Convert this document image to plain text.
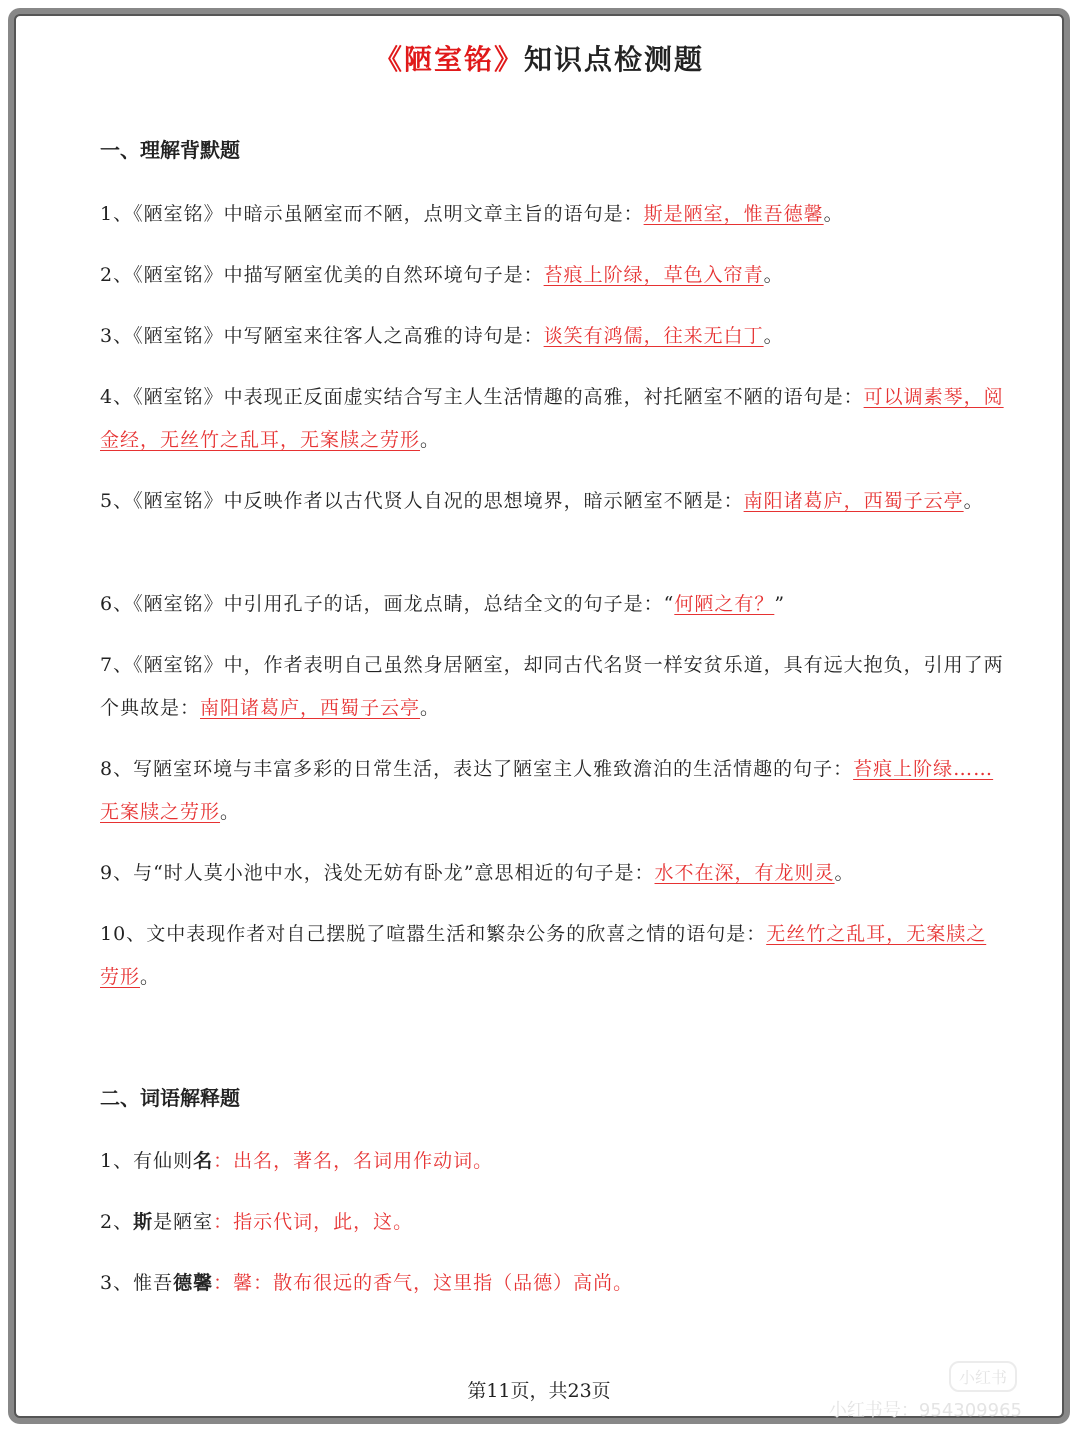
《陋室铭》知识点检测题
一、理解背默题
1、《陋室铭》中暗示虽陋室而不陋，点明文章主旨的语句是：斯是陋室，惟吾德馨。
2、《陋室铭》中描写陋室优美的自然环境句子是：苔痕上阶绿，草色入帘青。
3、《陋室铭》中写陋室来往客人之高雅的诗句是：谈笑有鸿儒，往来无白丁。
4、《陋室铭》中表现正反面虚实结合写主人生活情趣的高雅，衬托陋室不陋的语句是：可以调素琴，阅金经，无丝竹之乱耳，无案牍之劳形。
5、《陋室铭》中反映作者以古代贤人自况的思想境界，暗示陋室不陋是：南阳诸葛庐，西蜀子云亭。
6、《陋室铭》中引用孔子的话，画龙点睛，总结全文的句子是：“何陋之有？”
7、《陋室铭》中，作者表明自己虽然身居陋室，却同古代名贤一样安贫乐道，具有远大抱负，引用了两个典故是：南阳诸葛庐，西蜀子云亭。
8、写陋室环境与丰富多彩的日常生活，表达了陋室主人雅致澹泊的生活情趣的句子：苔痕上阶绿……无案牍之劳形。
9、与“时人莫小池中水，浅处无妨有卧龙”意思相近的句子是：水不在深，有龙则灵。
10、文中表现作者对自己摆脱了喧嚣生活和繁杂公务的欣喜之情的语句是：无丝竹之乱耳，无案牍之劳形。
二、词语解释题
1、有仙则名：出名，著名，名词用作动词。
2、斯是陋室：指示代词，此，这。
3、惟吾德馨：馨：散布很远的香气，这里指（品德）高尚。
第11页，共23页
小红书
小红书号：954309965
